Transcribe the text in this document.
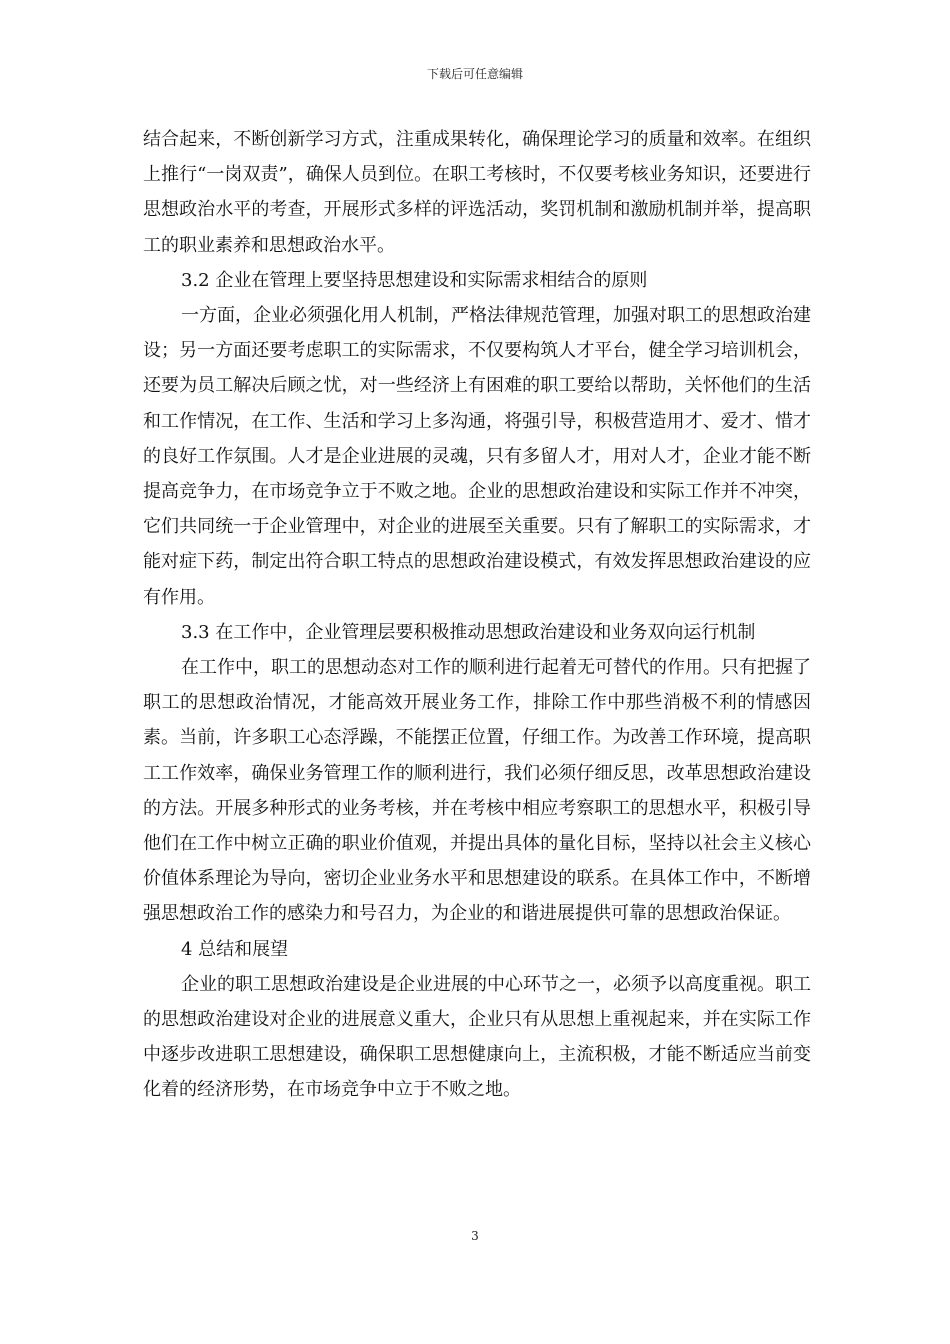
下载后可任意编辑

结合起来，不断创新学习方式，注重成果转化，确保理论学习的质量和效率。在组织上推行“一岗双责”，确保人员到位。在职工考核时，不仅要考核业务知识，还要进行思想政治水平的考查，开展形式多样的评选活动，奖罚机制和激励机制并举，提高职工的职业素养和思想政治水平。

3.2 企业在管理上要坚持思想建设和实际需求相结合的原则

一方面，企业必须强化用人机制，严格法律规范管理，加强对职工的思想政治建设；另一方面还要考虑职工的实际需求，不仅要构筑人才平台，健全学习培训机会，还要为员工解决后顾之忧，对一些经济上有困难的职工要给以帮助，关怀他们的生活和工作情况，在工作、生活和学习上多沟通，将强引导，积极营造用才、爱才、惜才的良好工作氛围。人才是企业进展的灵魂，只有多留人才，用对人才，企业才能不断提高竞争力，在市场竞争立于不败之地。企业的思想政治建设和实际工作并不冲突，它们共同统一于企业管理中，对企业的进展至关重要。只有了解职工的实际需求，才能对症下药，制定出符合职工特点的思想政治建设模式，有效发挥思想政治建设的应有作用。

3.3 在工作中，企业管理层要积极推动思想政治建设和业务双向运行机制

在工作中，职工的思想动态对工作的顺利进行起着无可替代的作用。只有把握了职工的思想政治情况，才能高效开展业务工作，排除工作中那些消极不利的情感因素。当前，许多职工心态浮躁，不能摆正位置，仔细工作。为改善工作环境，提高职工工作效率，确保业务管理工作的顺利进行，我们必须仔细反思，改革思想政治建设的方法。开展多种形式的业务考核，并在考核中相应考察职工的思想水平，积极引导他们在工作中树立正确的职业价值观，并提出具体的量化目标，坚持以社会主义核心价值体系理论为导向，密切企业业务水平和思想建设的联系。在具体工作中，不断增强思想政治工作的感染力和号召力，为企业的和谐进展提供可靠的思想政治保证。

4 总结和展望

企业的职工思想政治建设是企业进展的中心环节之一，必须予以高度重视。职工的思想政治建设对企业的进展意义重大，企业只有从思想上重视起来，并在实际工作中逐步改进职工思想建设，确保职工思想健康向上，主流积极，才能不断适应当前变化着的经济形势，在市场竞争中立于不败之地。

3
